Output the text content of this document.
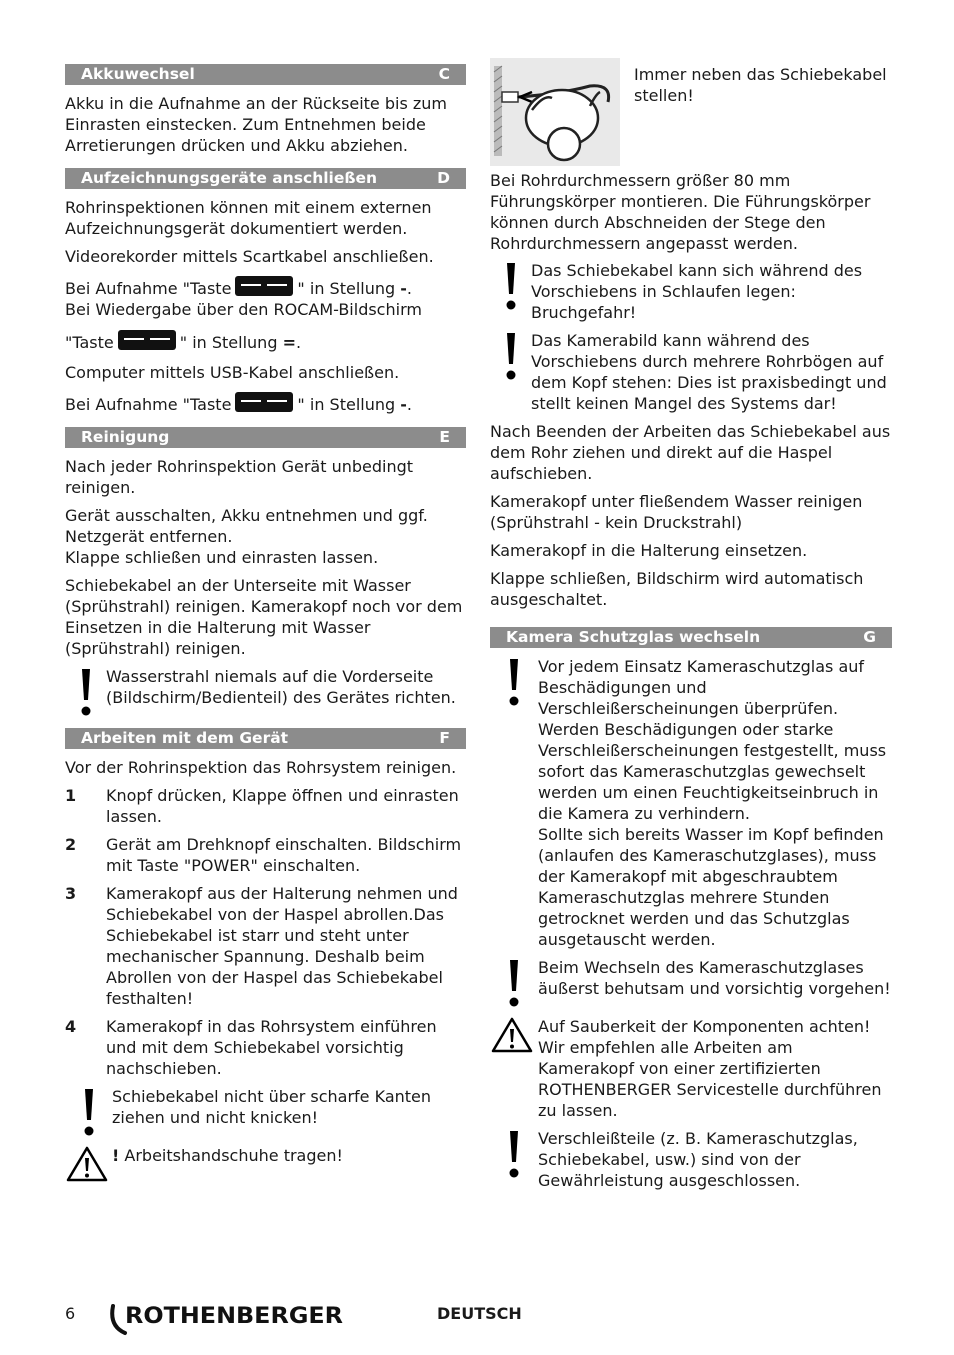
Akkuwechsel	C

Akku in die Aufnahme an der Rückseite bis zum Einrasten einstecken. Zum Entnehmen beide Arretierungen drücken und Akku abziehen.

Aufzeichnungsgeräte anschließen	D

Rohrinspektionen können mit einem externen Aufzeichnungsgerät dokumentiert werden.

Videorekorder mittels Scartkabel anschließen.

Bei Aufnahme "Taste	" in Stellung -.

Bei Wiedergabe über den ROCAM-Bildschirm

"Taste	" in Stellung =.

Computer mittels USB-Kabel anschließen.

Bei Aufnahme "Taste	" in Stellung -.

Reinigung	E

Nach jeder Rohrinspektion Gerät unbedingt reinigen.

Gerät ausschalten, Akku entnehmen und ggf. Netzgerät entfernen.

Klappe schließen und einrasten lassen.

Schiebekabel an der Unterseite mit Wasser (Sprühstrahl) reinigen. Kamerakopf noch vor dem Einsetzen in die Halterung mit Wasser (Sprühstrahl) reinigen.

Wasserstrahl niemals auf die Vorderseite (Bildschirm/Bedienteil) des Gerätes richten.
Arbeiten mit dem Gerät	F

Vor der Rohrinspektion das Rohrsystem reinigen.

1	Knopf drücken, Klappe öffnen und einrasten lassen.
2	Gerät am Drehknopf einschalten. Bildschirm mit Taste "POWER" einschalten.
3	Kamerakopf aus der Halterung nehmen und Schiebekabel von der Haspel abrollen.Das Schiebekabel ist starr und steht unter mechanischer Spannung. Deshalb beim Abrollen von der Haspel das Schiebekabel festhalten!
4	Kamerakopf in das Rohrsystem einführen und mit dem Schiebekabel vorsichtig nachschieben.
Schiebekabel nicht über scharfe Kanten ziehen und nicht knicken!
! Arbeitshandschuhe tragen!
Immer neben das Schiebekabel stellen!

Bei Rohrdurchmessern größer 80 mm Führungskörper montieren. Die Führungskörper können durch Abschneiden der Stege den Rohrdurchmessern angepasst werden.

Das Schiebekabel kann sich während des Vorschiebens in Schlaufen legen: Bruchgefahr!
Das Kamerabild kann während des Vorschiebens durch mehrere Rohrbögen auf dem Kopf stehen: Dies ist praxisbedingt und stellt keinen Mangel des Systems dar!

Nach Beenden der Arbeiten das Schiebekabel aus dem Rohr ziehen und direkt auf die Haspel aufschieben.

Kamerakopf unter fließendem Wasser reinigen (Sprühstrahl - kein Druckstrahl)

Kamerakopf in die Halterung einsetzen.

Klappe schließen, Bildschirm wird automatisch ausgeschaltet.

Kamera Schutzglas wechseln	G
Vor jedem Einsatz Kameraschutzglas auf Beschädigungen und Verschleißerscheinungen überprüfen. Werden Beschädigungen oder starke Verschleißerscheinungen festgestellt, muss sofort das Kameraschutzglas gewechselt werden um einen Feuchtigkeitseinbruch in die Kamera zu verhindern.
Sollte sich bereits Wasser im Kopf befinden (anlaufen des Kameraschutzglases), muss der Kamerakopf mit abgeschraubtem Kameraschutzglas mehrere Stunden getrocknet werden und das Schutzglas ausgetauscht werden.
Beim Wechseln des Kameraschutzglases äußerst behutsam und vorsichtig vorgehen!
Auf Sauberkeit der Komponenten achten!
Wir empfehlen alle Arbeiten am Kamerakopf von einer zertifizierten ROTHENBERGER Servicestelle durchführen zu lassen.
Verschleißteile (z. B. Kameraschutzglas, Schiebekabel, usw.) sind von der Gewährleistung ausgeschlossen.
6 ROTHENBERGER	DEUTSCH
